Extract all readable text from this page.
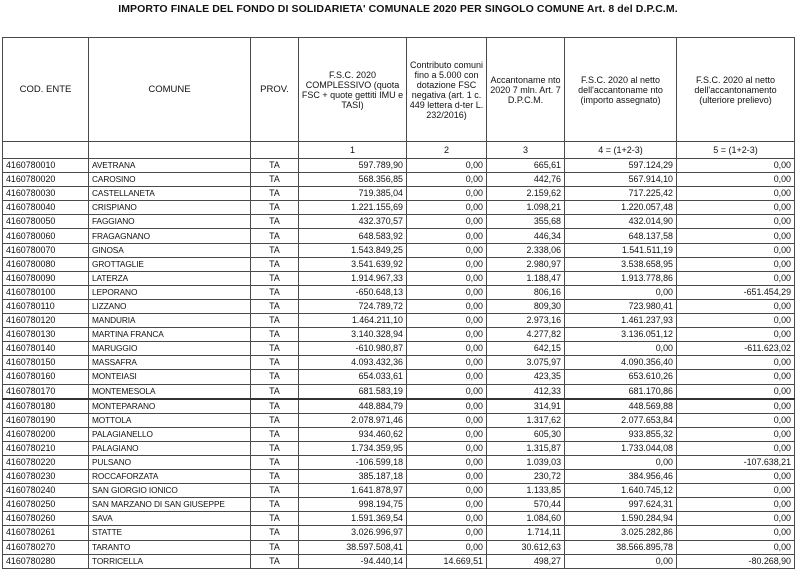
IMPORTO FINALE DEL FONDO DI SOLIDARIETA' COMUNALE 2020 PER SINGOLO COMUNE Art. 8 del D.P.C.M.
COD. ENTE	COMUNE	PROV.	F.S.C. 2020 COMPLESSIVO (quota FSC + quote gettiti IMU e TASI)	Contributo comuni fino a 5.000 con dotazione FSC negativa (art. 1 c. 449 lettera d-ter L. 232/2016)	Accantoname nto 2020 7 mln. Art. 7 D.P.C.M.	F.S.C. 2020 al netto dell'accantoname nto (importo assegnato)	F.S.C. 2020 al netto dell'accantonamento (ulteriore prelievo)
			1	2	3	4 = (1+2-3)	5 = (1+2-3)
4160780010	AVETRANA	TA	597.789,90	0,00	665,61	597.124,29	0,00
4160780020	CAROSINO	TA	568.356,85	0,00	442,76	567.914,10	0,00
4160780030	CASTELLANETA	TA	719.385,04	0,00	2.159,62	717.225,42	0,00
4160780040	CRISPIANO	TA	1.221.155,69	0,00	1.098,21	1.220.057,48	0,00
4160780050	FAGGIANO	TA	432.370,57	0,00	355,68	432.014,90	0,00
4160780060	FRAGAGNANO	TA	648.583,92	0,00	446,34	648.137,58	0,00
4160780070	GINOSA	TA	1.543.849,25	0,00	2.338,06	1.541.511,19	0,00
4160780080	GROTTAGLIE	TA	3.541.639,92	0,00	2.980,97	3.538.658,95	0,00
4160780090	LATERZA	TA	1.914.967,33	0,00	1.188,47	1.913.778,86	0,00
4160780100	LEPORANO	TA	-650.648,13	0,00	806,16	0,00	-651.454,29
4160780110	LIZZANO	TA	724.789,72	0,00	809,30	723.980,41	0,00
4160780120	MANDURIA	TA	1.464.211,10	0,00	2.973,16	1.461.237,93	0,00
4160780130	MARTINA FRANCA	TA	3.140.328,94	0,00	4.277,82	3.136.051,12	0,00
4160780140	MARUGGIO	TA	-610.980,87	0,00	642,15	0,00	-611.623,02
4160780150	MASSAFRA	TA	4.093.432,36	0,00	3.075,97	4.090.356,40	0,00
4160780160	MONTEIASI	TA	654.033,61	0,00	423,35	653.610,26	0,00
4160780170	MONTEMESOLA	TA	681.583,19	0,00	412,33	681.170,86	0,00
4160780180	MONTEPARANO	TA	448.884,79	0,00	314,91	448.569,88	0,00
4160780190	MOTTOLA	TA	2.078.971,46	0,00	1.317,62	2.077.653,84	0,00
4160780200	PALAGIANELLO	TA	934.460,62	0,00	605,30	933.855,32	0,00
4160780210	PALAGIANO	TA	1.734.359,95	0,00	1.315,87	1.733.044,08	0,00
4160780220	PULSANO	TA	-106.599,18	0,00	1.039,03	0,00	-107.638,21
4160780230	ROCCAFORZATA	TA	385.187,18	0,00	230,72	384.956,46	0,00
4160780240	SAN GIORGIO IONICO	TA	1.641.878,97	0,00	1.133,85	1.640.745,12	0,00
4160780250	SAN MARZANO DI SAN GIUSEPPE	TA	998.194,75	0,00	570,44	997.624,31	0,00
4160780260	SAVA	TA	1.591.369,54	0,00	1.084,60	1.590.284,94	0,00
4160780261	STATTE	TA	3.026.996,97	0,00	1.714,11	3.025.282,86	0,00
4160780270	TARANTO	TA	38.597.508,41	0,00	30.612,63	38.566.895,78	0,00
4160780280	TORRICELLA	TA	-94.440,14	14.669,51	498,27	0,00	-80.268,90
